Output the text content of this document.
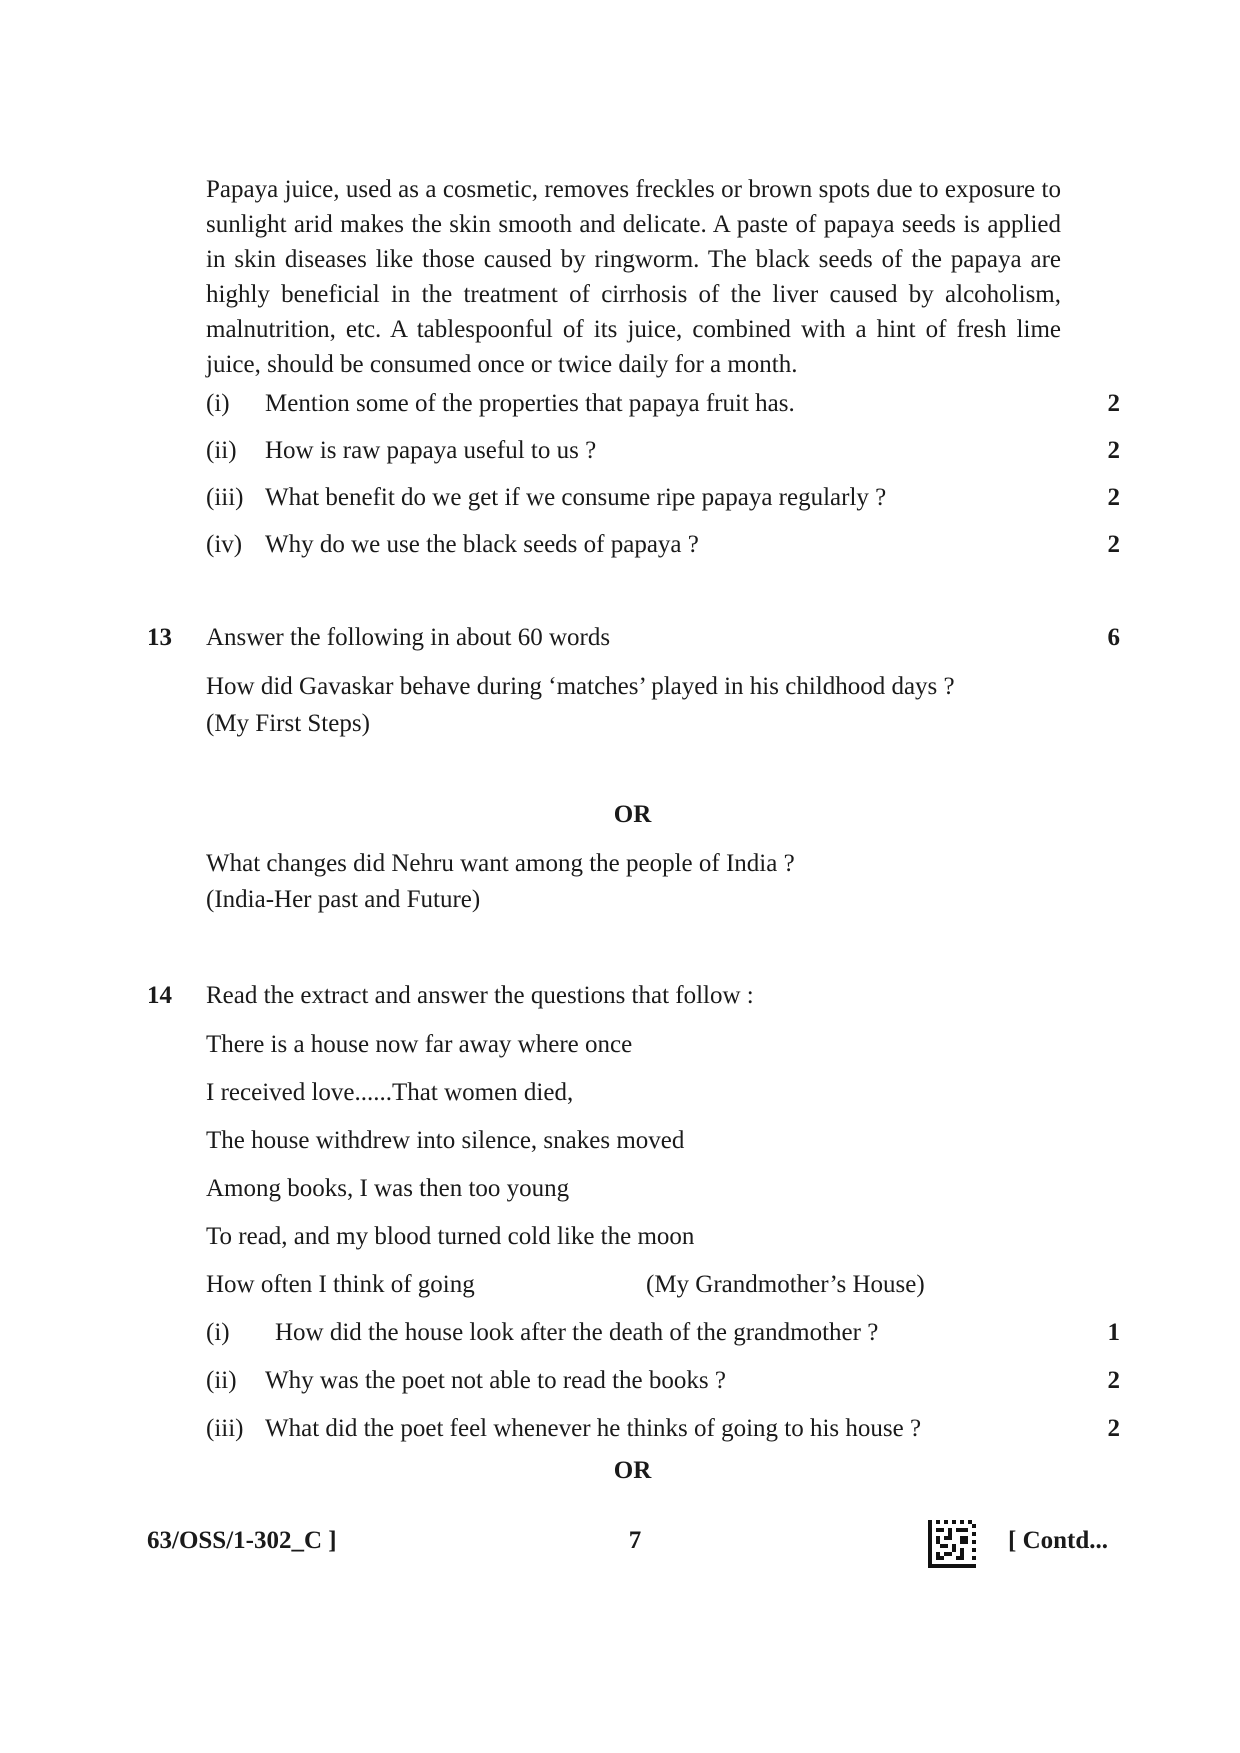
Papaya juice, used as a cosmetic, removes freckles or brown spots due to exposure to sunlight arid makes the skin smooth and delicate. A paste of papaya seeds is applied in skin diseases like those caused by ringworm. The black seeds of the papaya are highly beneficial in the treatment of cirrhosis of the liver caused by alcoholism, malnutrition, etc. A tablespoonful of its juice, combined with a hint of fresh lime juice, should be consumed once or twice daily for a month.
(i) Mention some of the properties that papaya fruit has.	2
(ii) How is raw papaya useful to us ?	2
(iii) What benefit do we get if we consume ripe papaya regularly ?	2
(iv) Why do we use the black seeds of papaya ?	2
13 Answer the following in about 60 words	6
How did Gavaskar behave during ‘matches’ played in his childhood days ?
(My First Steps)
OR
What changes did Nehru want among the people of India ?
(India-Her past and Future)
14 Read the extract and answer the questions that follow :
There is a house now far away where once
I received love......That women died,
The house withdrew into silence, snakes moved
Among books, I was then too young
To read, and my blood turned cold like the moon
How often I think of going	(My Grandmother’s House)
(i) How did the house look after the death of the grandmother ?	1
(ii) Why was the poet not able to read the books ?	2
(iii) What did the poet feel whenever he thinks of going to his house ?	2
OR
63/OSS/1-302_C ]	7	[ Contd...
